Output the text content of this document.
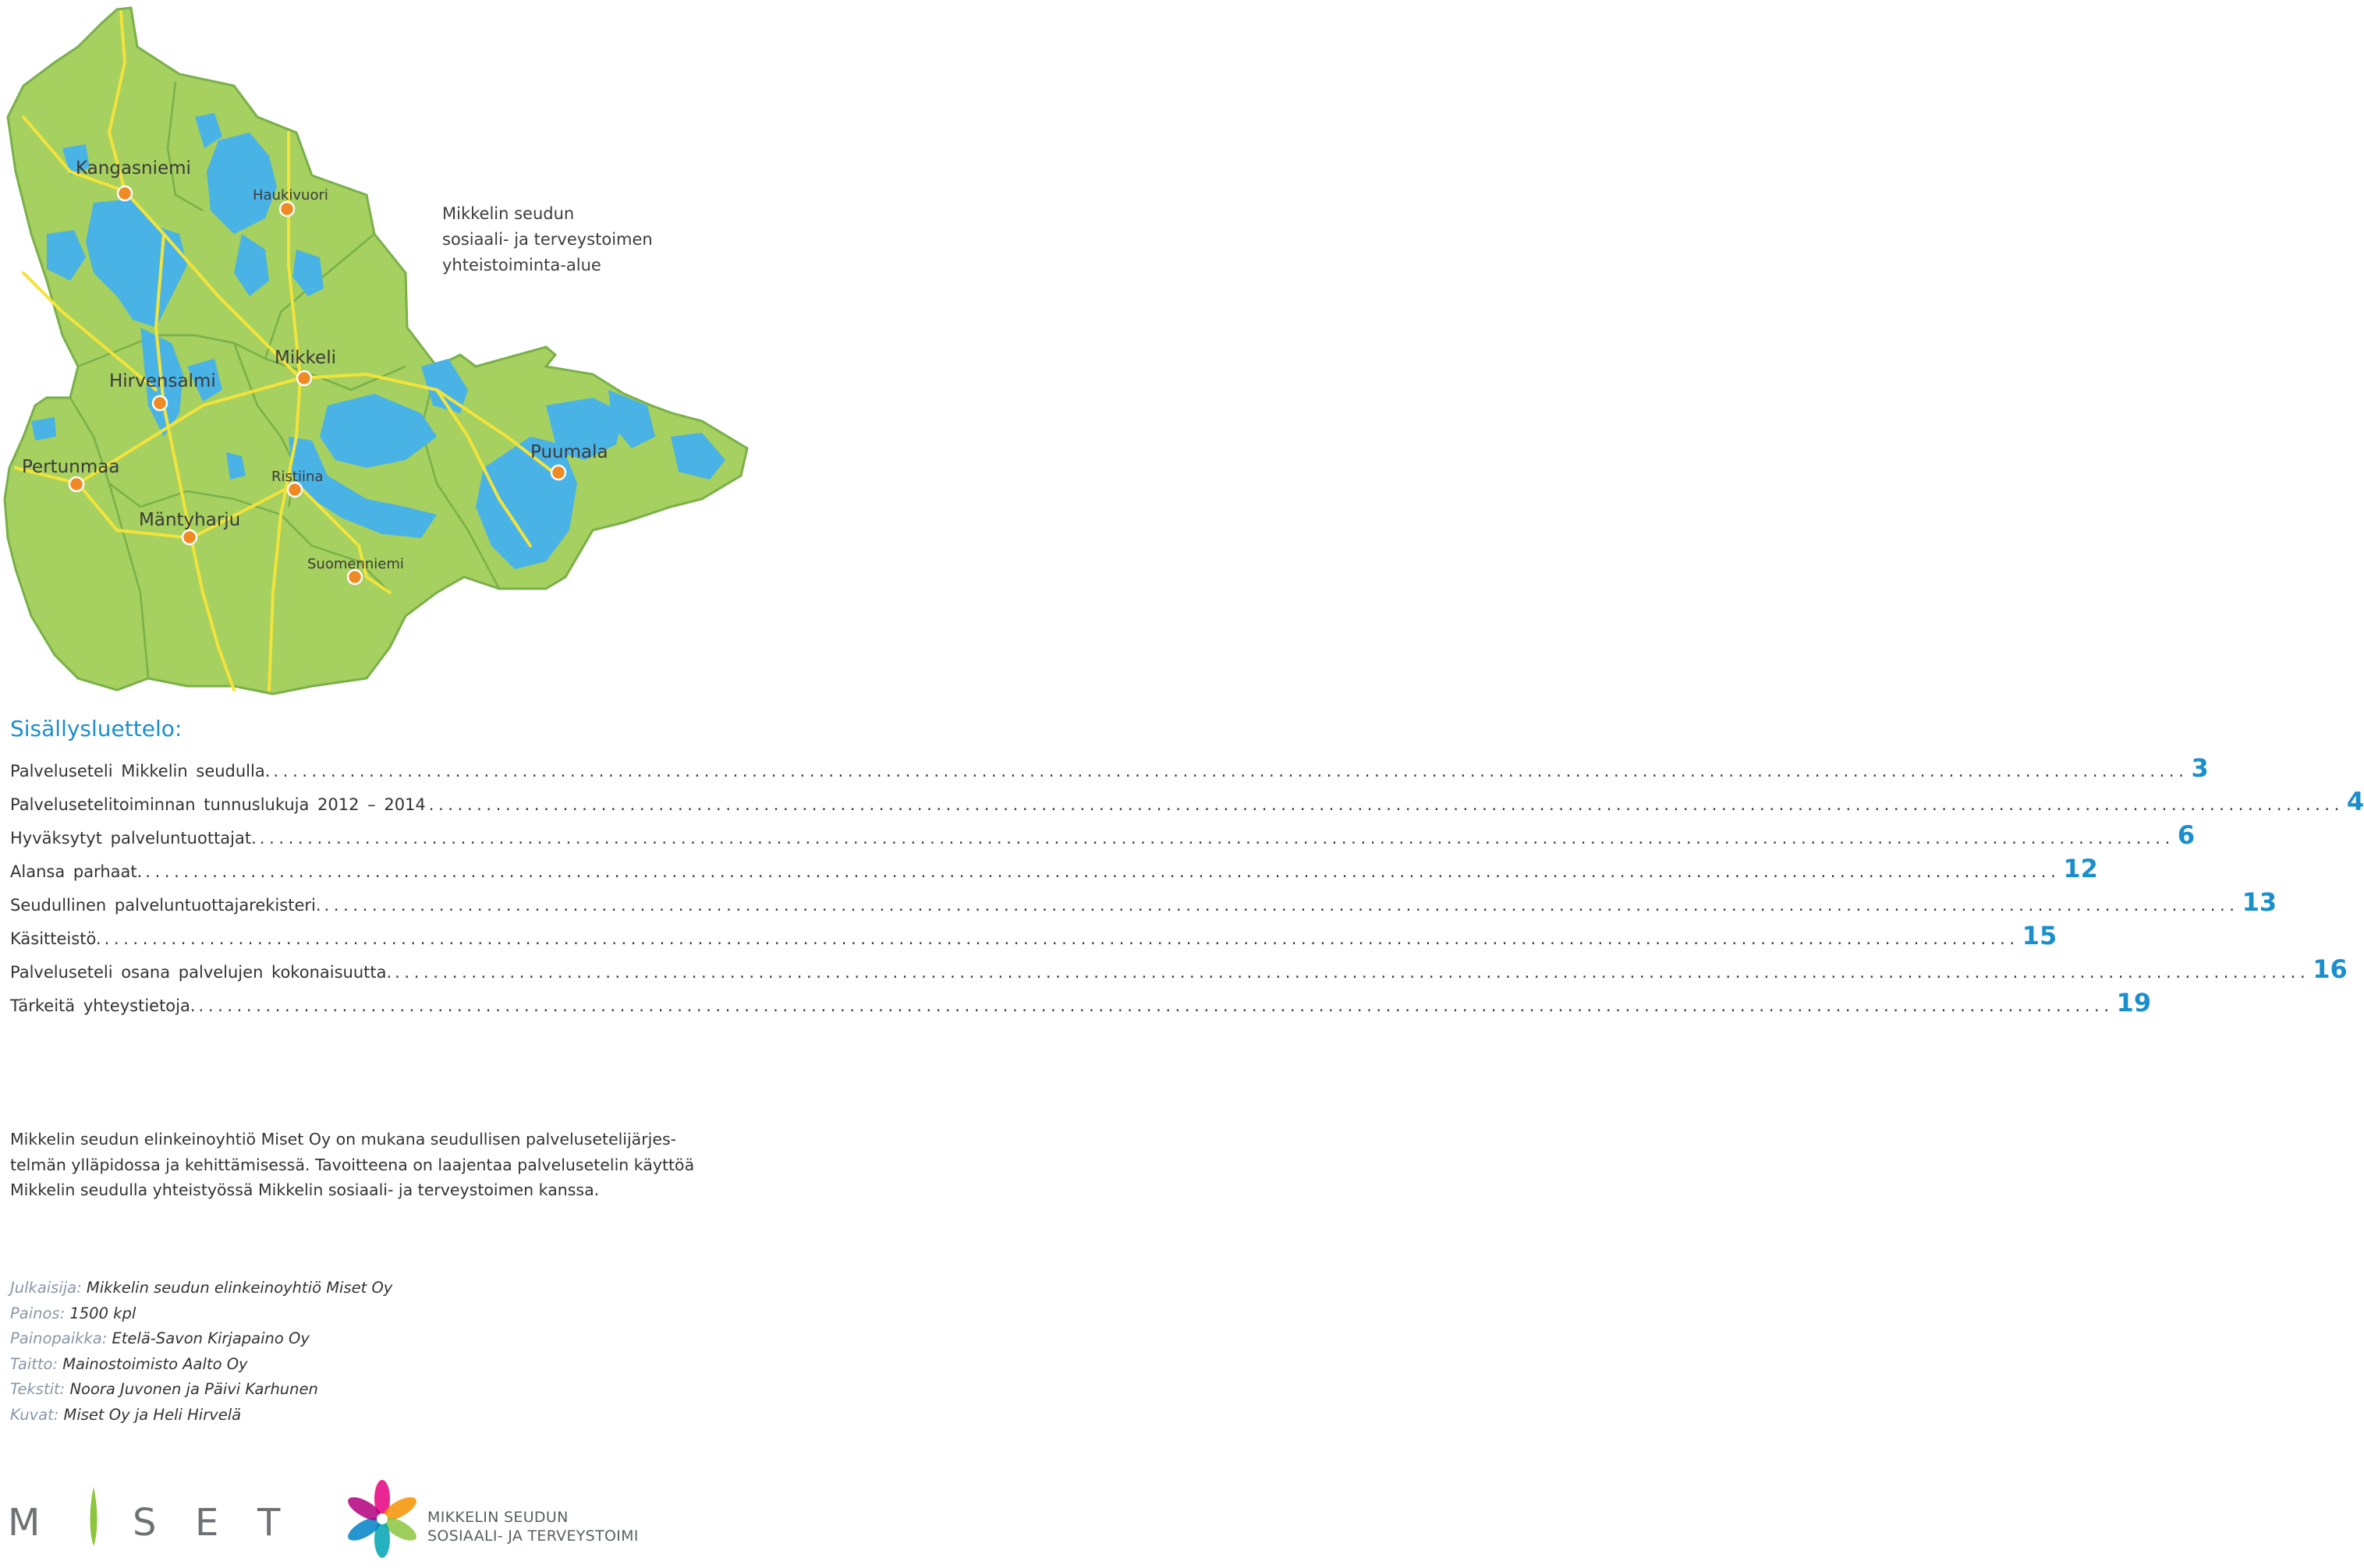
Kangasniemi
Haukivuori
Mikkeli
Hirvensalmi
Pertunmaa	Ristiina
Mäntyharju
Suomenniemi
Puumala
Mikkelin seudun
sosiaali- ja terveystoimen
yhteistoiminta-alue
Sisällysluettelo:
Palveluseteli Mikkelin seudulla. ........................................................................................................................................................................................................ 3
Palvelusetelitoiminnan tunnuslukuja 2012 – 2014 ........................................................................................................................................................................................................ 4
Hyväksytyt palveluntuottajat. ........................................................................................................................................................................................................ 6
Alansa parhaat. ........................................................................................................................................................................................................ 12
Seudullinen palveluntuottajarekisteri. ........................................................................................................................................................................................................ 13
Käsitteistö. ........................................................................................................................................................................................................ 15
Palveluseteli osana palvelujen kokonaisuutta. ........................................................................................................................................................................................................ 16
Tärkeitä yhteystietoja. ........................................................................................................................................................................................................ 19
Mikkelin seudun elinkeinoyhtiö Miset Oy on mukana seudullisen palvelusetelijärjes-
telmän ylläpidossa ja kehittämisessä. Tavoitteena on laajentaa palvelusetelin käyttöä
Mikkelin seudulla yhteistyössä Mikkelin sosiaali- ja terveystoimen kanssa.
Julkaisija: Mikkelin seudun elinkeinoyhtiö Miset Oy
Painos: 1500 kpl
Painopaikka: Etelä-Savon Kirjapaino Oy
Taitto: Mainostoimisto Aalto Oy
Tekstit: Noora Juvonen ja Päivi Karhunen
Kuvat: Miset Oy ja Heli Hirvelä
M S E T	MIKKELIN SEUDUN
SOSIAALI- JA TERVEYSTOIMI
